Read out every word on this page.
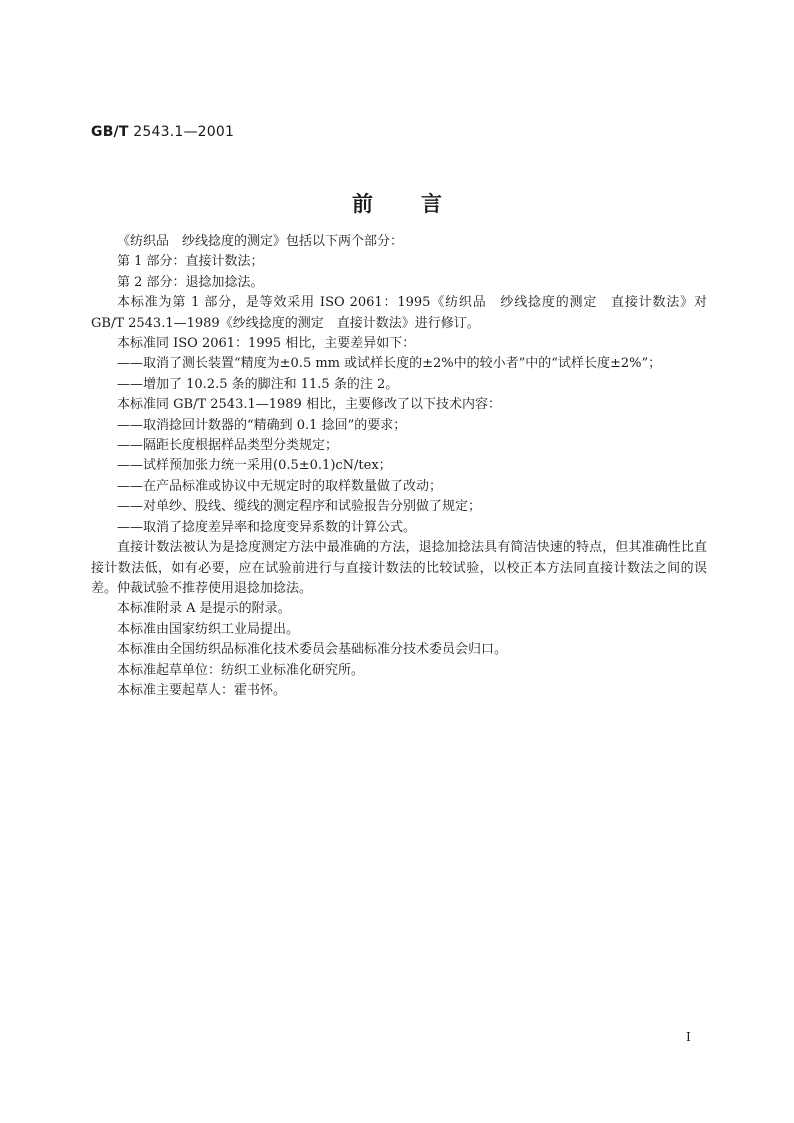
GB/T 2543.1—2001
前言

《纺织品　纱线捻度的测定》包括以下两个部分：

第 1 部分：直接计数法；

第 2 部分：退捻加捻法。

本标准为第 1 部分，是等效采用 ISO 2061：1995《纺织品　纱线捻度的测定　直接计数法》对 GB/T 2543.1—1989《纱线捻度的测定　直接计数法》进行修订。

本标准同 ISO 2061：1995 相比，主要差异如下：

——取消了测长装置“精度为±0.5 mm 或试样长度的±2%中的较小者”中的“试样长度±2%”；

——增加了 10.2.5 条的脚注和 11.5 条的注 2。

本标准同 GB/T 2543.1—1989 相比，主要修改了以下技术内容：

——取消捻回计数器的“精确到 0.1 捻回”的要求；

——隔距长度根据样品类型分类规定；

——试样预加张力统一采用(0.5±0.1)cN/tex；

——在产品标准或协议中无规定时的取样数量做了改动；

——对单纱、股线、缆线的测定程序和试验报告分别做了规定；

——取消了捻度差异率和捻度变异系数的计算公式。

直接计数法被认为是捻度测定方法中最准确的方法，退捻加捻法具有简洁快速的特点，但其准确性比直接计数法低，如有必要，应在试验前进行与直接计数法的比较试验，以校正本方法同直接计数法之间的误差。仲裁试验不推荐使用退捻加捻法。

本标准附录 A 是提示的附录。

本标准由国家纺织工业局提出。

本标准由全国纺织品标准化技术委员会基础标准分技术委员会归口。

本标准起草单位：纺织工业标准化研究所。

本标准主要起草人：霍书怀。

I
